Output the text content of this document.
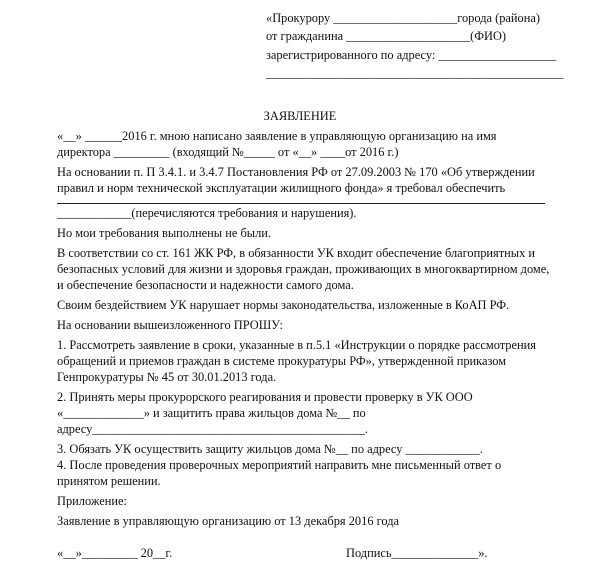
«Прокурору ____________________города (района)
от гражданина ____________________(ФИО)
зарегистрированного по адресу: ___________________
________________________________________________
ЗАЯВЛЕНИЕ
«__» ______2016 г. мною написано заявление в управляющую организацию на имя
директора _________ (входящий №_____ от «__» ____от 2016 г.)
На основании п. П 3.4.1. и 3.4.7 Постановления РФ от 27.09.2003 № 170 «Об утверждении
правил и норм технической эксплуатации жилищного фонда» я требовал обеспечить
____________(перечисляются требования и нарушения).
Но мои требования выполнены не были.
В соответствии со ст. 161 ЖК РФ, в обязанности УК входит обеспечение благоприятных и
безопасных условий для жизни и здоровья граждан, проживающих в многоквартирном доме,
и обеспечение безопасности и надежности самого дома.
Своим бездействием УК нарушает нормы законодательства, изложенные в КоАП РФ.
На основании вышеизложенного ПРОШУ:
1. Рассмотреть заявление в сроки, указанные в п.5.1 «Инструкции о порядке рассмотрения
обращений и приемов граждан в системе прокуратуры РФ», утвержденной приказом
Генпрокуратуры № 45 от 30.01.2013 года.
2. Принять меры прокурорского реагирования и провести проверку в УК ООО
«_____________» и защитить права жильцов дома №__ по
адресу____________________________________________.
3. Обязать УК осуществить защиту жильцов дома №__ по адресу ____________.
4. После проведения проверочных мероприятий направить мне письменный ответ о
принятом решении.
Приложение:
Заявление в управляющую организацию от 13 декабря 2016 года
«__»_________ 20__г.	Подпись______________».
